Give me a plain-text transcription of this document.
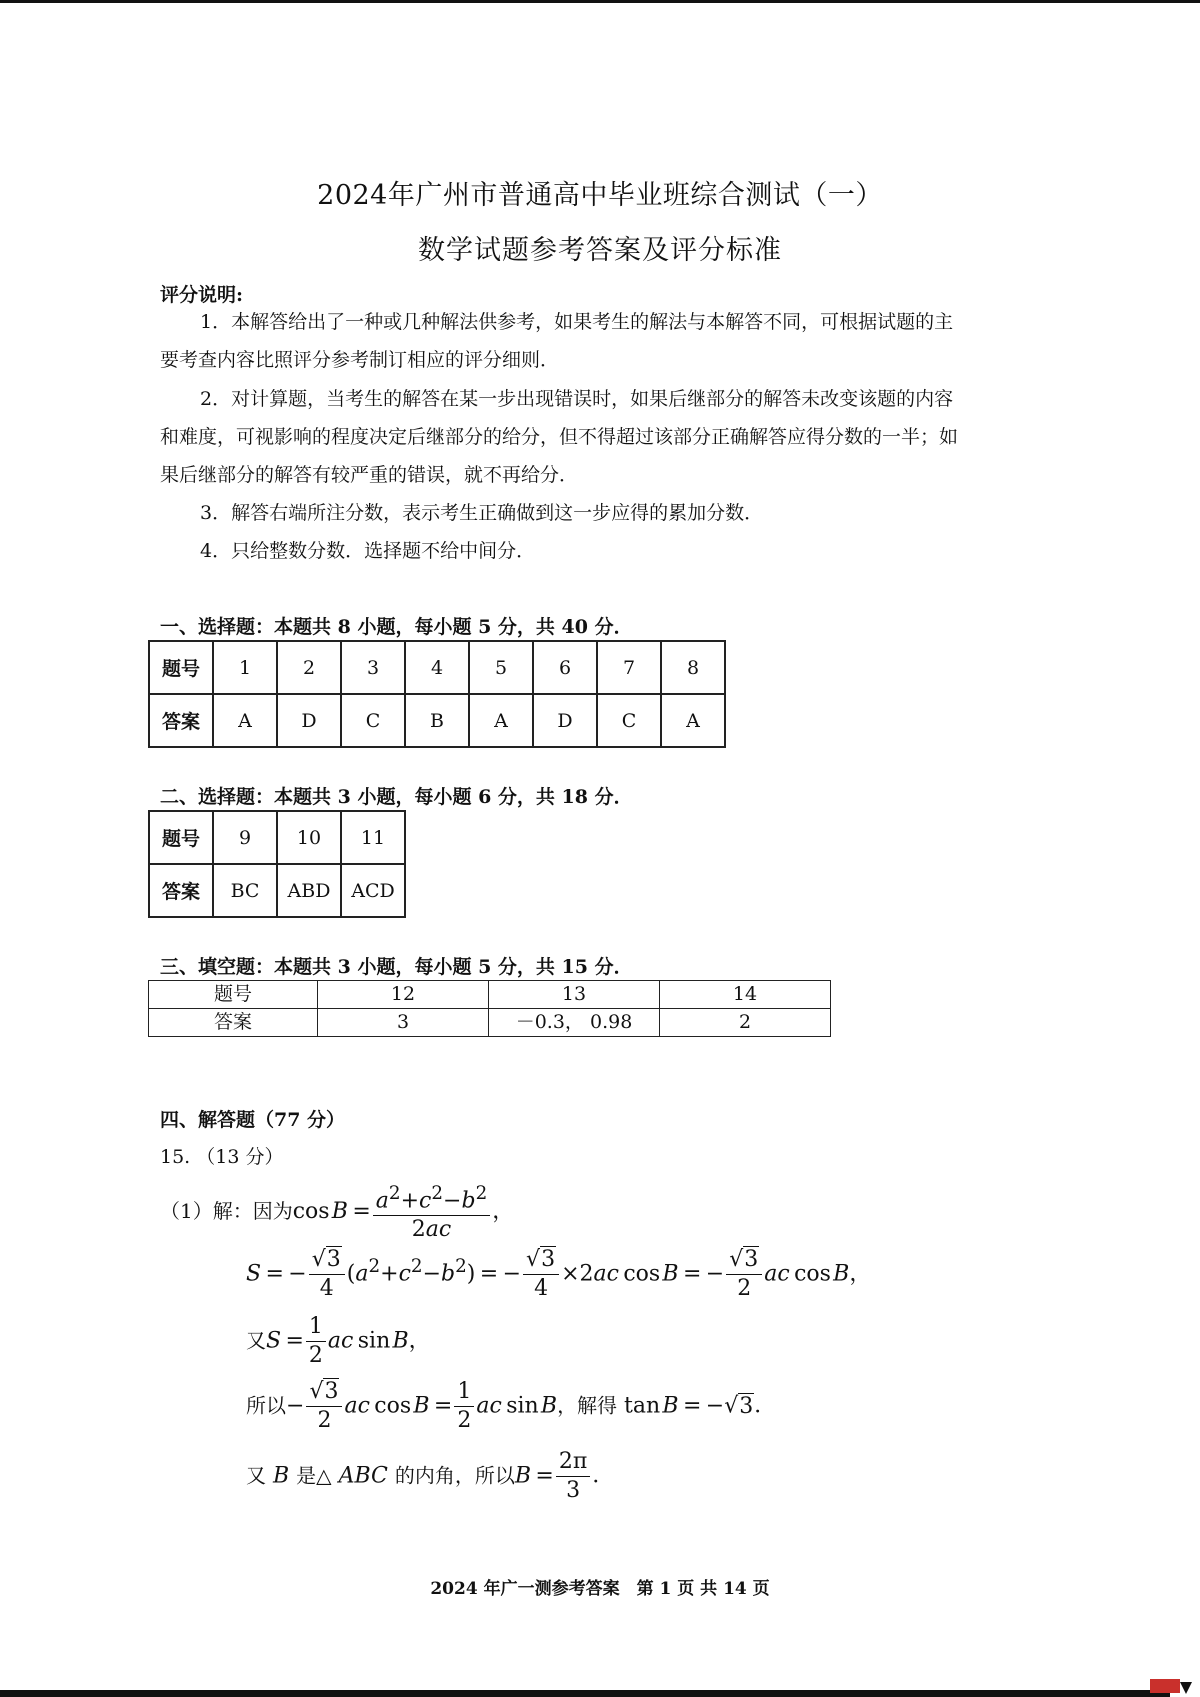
2024年广州市普通高中毕业班综合测试（一）
数学试题参考答案及评分标准
评分说明:
1．本解答给出了一种或几种解法供参考，如果考生的解法与本解答不同，可根据试题的主
要考查内容比照评分参考制订相应的评分细则．
2．对计算题，当考生的解答在某一步出现错误时，如果后继部分的解答未改变该题的内容
和难度，可视影响的程度决定后继部分的给分，但不得超过该部分正确解答应得分数的一半；如
果后继部分的解答有较严重的错误，就不再给分．
3．解答右端所注分数，表示考生正确做到这一步应得的累加分数．
4．只给整数分数．选择题不给中间分．
一、选择题：本题共 8 小题，每小题 5 分，共 40 分．
题号	1	2	3	4	5	6	7	8
答案	A	D	C	B	A	D	C	A
二、选择题：本题共 3 小题，每小题 6 分，共 18 分．
题号	9	10	11
答案	BC	ABD	ACD
三、填空题：本题共 3 小题，每小题 5 分，共 15 分．
题号	12	13	14
答案	3	－0.3， 0.98	2
四、解答题（77 分）
15. （13 分）
（1）解：因为cos $B = \frac{a^2+c^2-b^2}{2ac}$ ，
S = − $\frac{√3}{4} (a^2+c^2-b^2)$ = − $\frac{√3}{4} \times 2ac$ cos B = − $\frac{√3}{2}$ ac cos B，
又$S = \frac{1}{2}$ ac sin B，
所以− $\frac{√3}{2}$ ac cos $B = \frac{1}{2}$ ac sin B，解得 tan B = −√3．
又 B 是△ ABC 的内角，所以$B = \frac{2\pi}{3}$ ．
2024 年广一测参考答案　第 1 页 共 14 页
